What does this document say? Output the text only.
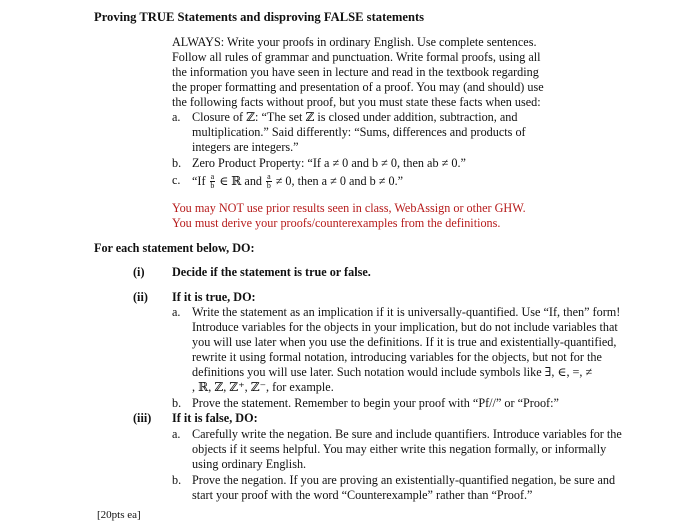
Proving TRUE Statements and disproving FALSE statements
ALWAYS: Write your proofs in ordinary English. Use complete sentences.
Follow all rules of grammar and punctuation. Write formal proofs, using all
the information you have seen in lecture and read in the textbook regarding
the proper formatting and presentation of a proof. You may (and should) use
the following facts without proof, but you must state these facts when used:
a. Closure of ℤ: “The set ℤ is closed under addition, subtraction, and
multiplication.” Said differently: “Sums, differences and products of
integers are integers.”
b. Zero Product Property: “If a ≠ 0 and b ≠ 0, then ab ≠ 0.”
c. “$If \frac{a}{b}$ ∈ ℝ and $\frac{a}{b} \ne 0$, then a ≠ 0 and b ≠ 0.”
You may NOT use prior results seen in class, WebAssign or other GHW.
You must derive your proofs/counterexamples from the definitions.
For each statement below, DO:
(i) Decide if the statement is true or false.
(ii) If it is true, DO:
a. Write the statement as an implication if it is universally-quantified. Use “If, then” form!
Introduce variables for the objects in your implication, but do not include variables that
you will use later when you use the definitions. If it is true and existentially-quantified,
rewrite it using formal notation, introducing variables for the objects, but not for the
definitions you will use later. Such notation would include symbols like ∃, ∈, =, ≠
, ℝ, ℤ, ℤ⁺, ℤ⁻, for example.
b. Prove the statement. Remember to begin your proof with “Pf//” or “Proof:”
(iii) If it is false, DO:
a. Carefully write the negation. Be sure and include quantifiers. Introduce variables for the
objects if it seems helpful. You may either write this negation formally, or informally
using ordinary English.
b. Prove the negation. If you are proving an existentially-quantified negation, be sure and
start your proof with the word “Counterexample” rather than “Proof.”
[20pts ea]
